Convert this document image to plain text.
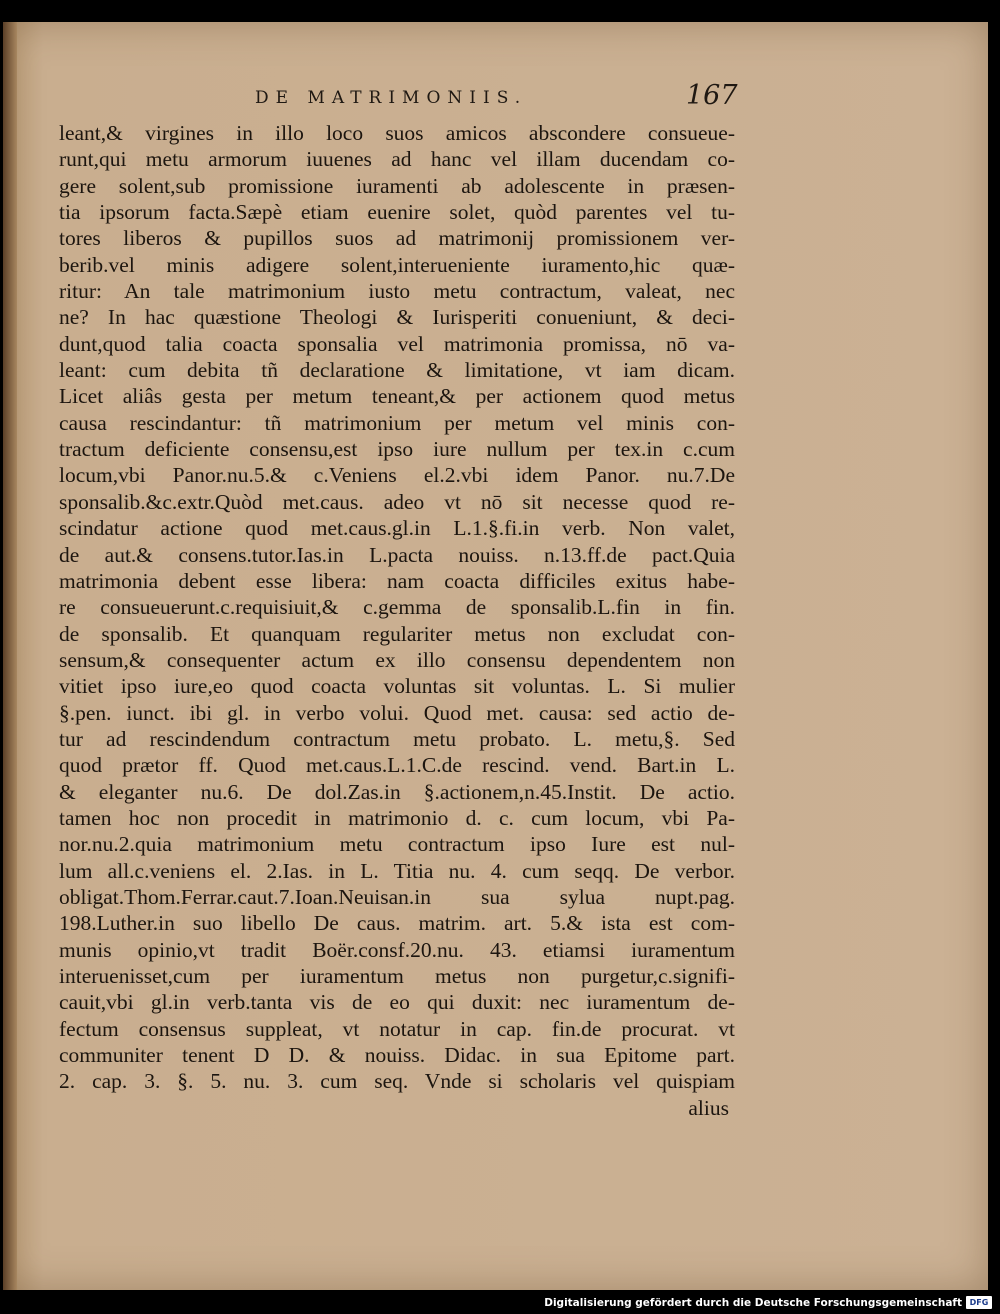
DE MATRIMONIIS.	167
leant,& virgines in illo loco suos amicos abscondere consueue-
runt,qui metu armorum iuuenes ad hanc vel illam ducendam co-
gere solent,sub promissione iuramenti ab adolescente in præsen-
tia ipsorum facta.Sæpè etiam euenire solet, quòd parentes vel tu-
tores liberos & pupillos suos ad matrimonij promissionem ver-
berib.vel minis adigere solent,interueniente iuramento,hic quæ-
ritur: An tale matrimonium iusto metu contractum, valeat, nec
ne? In hac quæstione Theologi & Iurisperiti conueniunt, & deci-
dunt,quod talia coacta sponsalia vel matrimonia promissa, nō va-
leant: cum debita tñ declaratione & limitatione, vt iam dicam.
Licet aliâs gesta per metum teneant,& per actionem quod metus
causa rescindantur: tñ matrimonium per metum vel minis con-
tractum deficiente consensu,est ipso iure nullum per tex.in c.cum
locum,vbi Panor.nu.5.& c.Veniens el.2.vbi idem Panor. nu.7.De
sponsalib.&c.extr.Quòd met.caus. adeo vt nō sit necesse quod re-
scindatur actione quod met.caus.gl.in L.1.§.fi.in verb. Non valet,
de aut.& consens.tutor.Ias.in L.pacta nouiss. n.13.ff.de pact.Quia
matrimonia debent esse libera: nam coacta difficiles exitus habe-
re consueuerunt.c.requisiuit,& c.gemma de sponsalib.L.fin in fin.
de sponsalib. Et quanquam regulariter metus non excludat con-
sensum,& consequenter actum ex illo consensu dependentem non
vitiet ipso iure,eo quod coacta voluntas sit voluntas. L. Si mulier
§.pen. iunct. ibi gl. in verbo volui. Quod met. causa: sed actio de-
tur ad rescindendum contractum metu probato. L. metu,§. Sed
quod prætor ff. Quod met.caus.L.1.C.de rescind. vend. Bart.in L.
& eleganter nu.6. De dol.Zas.in §.actionem,n.45.Instit. De actio.
tamen hoc non procedit in matrimonio d. c. cum locum, vbi Pa-
nor.nu.2.quia matrimonium metu contractum ipso Iure est nul-
lum all.c.veniens el. 2.Ias. in L. Titia nu. 4. cum seqq. De verbor.
obligat.Thom.Ferrar.caut.7.Ioan.Neuisan.in sua sylua nupt.pag.
198.Luther.in suo libello De caus. matrim. art. 5.& ista est com-
munis opinio,vt tradit Boër.consf.20.nu. 43. etiamsi iuramentum
interuenisset,cum per iuramentum metus non purgetur,c.signifi-
cauit,vbi gl.in verb.tanta vis de eo qui duxit: nec iuramentum de-
fectum consensus suppleat, vt notatur in cap. fin.de procurat. vt
communiter tenent D D. & nouiss. Didac. in sua Epitome part.
2. cap. 3. §. 5. nu. 3. cum seq. Vnde si scholaris vel quispiam
alius
Digitalisierung gefördert durch die Deutsche Forschungsgemeinschaft DFG
